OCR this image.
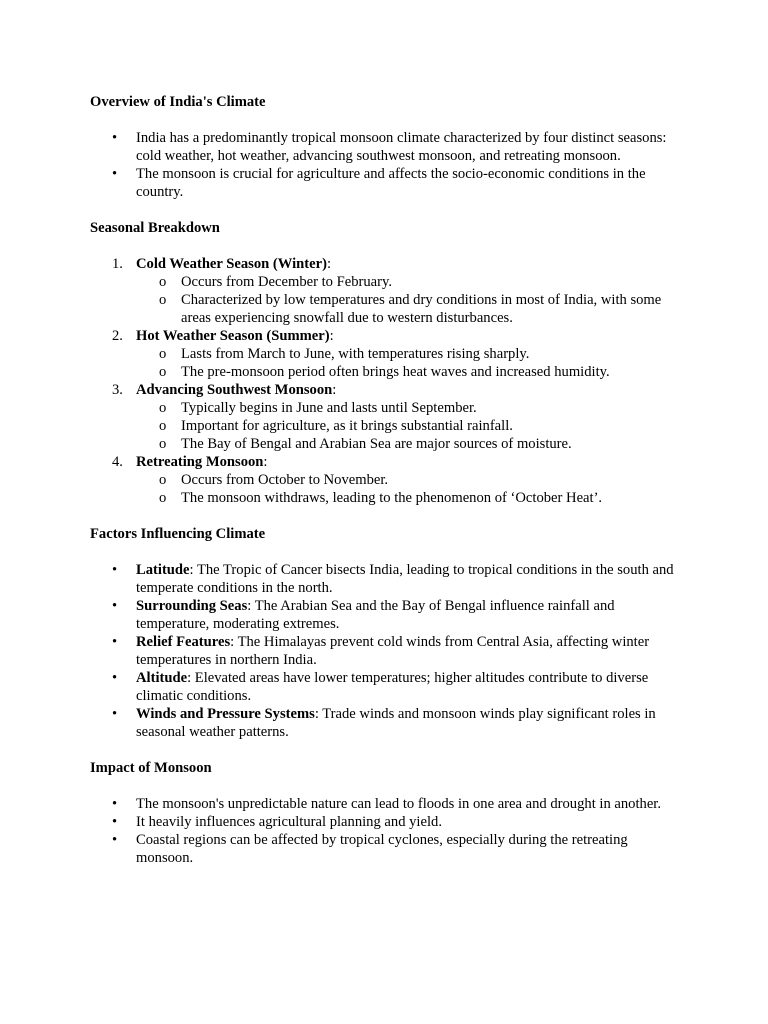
Overview of India's Climate
• India has a predominantly tropical monsoon climate characterized by four distinct seasons: cold weather, hot weather, advancing southwest monsoon, and retreating monsoon.
• The monsoon is crucial for agriculture and affects the socio-economic conditions in the country.
Seasonal Breakdown
1. Cold Weather Season (Winter):
o Occurs from December to February.
o Characterized by low temperatures and dry conditions in most of India, with some areas experiencing snowfall due to western disturbances.
2. Hot Weather Season (Summer):
o Lasts from March to June, with temperatures rising sharply.
o The pre-monsoon period often brings heat waves and increased humidity.
3. Advancing Southwest Monsoon:
o Typically begins in June and lasts until September.
o Important for agriculture, as it brings substantial rainfall.
o The Bay of Bengal and Arabian Sea are major sources of moisture.
4. Retreating Monsoon:
o Occurs from October to November.
o The monsoon withdraws, leading to the phenomenon of ‘October Heat’.
Factors Influencing Climate
• Latitude: The Tropic of Cancer bisects India, leading to tropical conditions in the south and temperate conditions in the north.
• Surrounding Seas: The Arabian Sea and the Bay of Bengal influence rainfall and temperature, moderating extremes.
• Relief Features: The Himalayas prevent cold winds from Central Asia, affecting winter temperatures in northern India.
• Altitude: Elevated areas have lower temperatures; higher altitudes contribute to diverse climatic conditions.
• Winds and Pressure Systems: Trade winds and monsoon winds play significant roles in seasonal weather patterns.
Impact of Monsoon
• The monsoon's unpredictable nature can lead to floods in one area and drought in another.
• It heavily influences agricultural planning and yield.
• Coastal regions can be affected by tropical cyclones, especially during the retreating monsoon.
